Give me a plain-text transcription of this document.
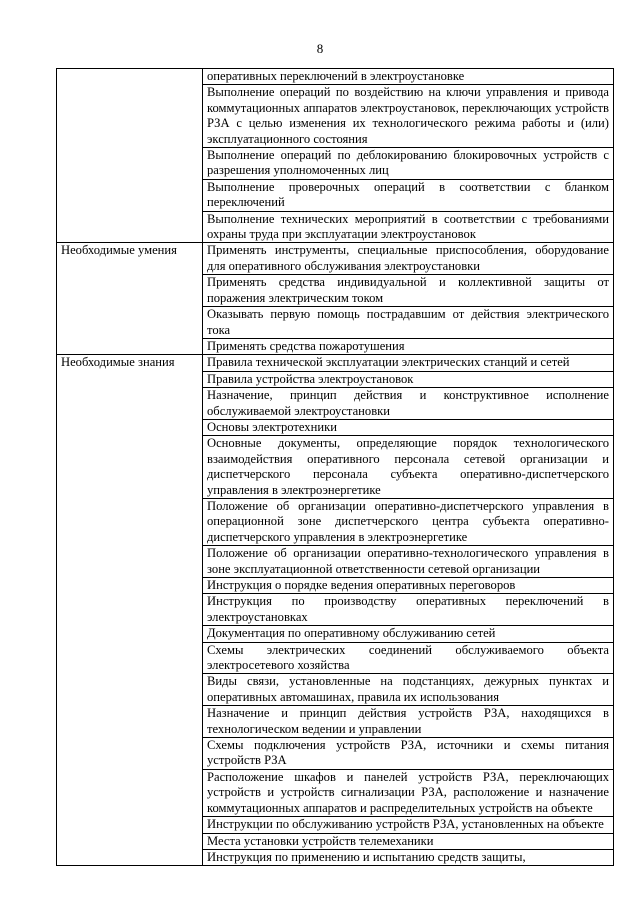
8
	оперативных переключений в электроустановке
	Выполнение операций по воздействию на ключи управления и привода коммутационных аппаратов электроустановок, переключающих устройств РЗА с целью изменения их технологического режима работы и (или) эксплуатационного состояния
	Выполнение операций по деблокированию блокировочных устройств с разрешения уполномоченных лиц
	Выполнение проверочных операций в соответствии с бланком переключений
	Выполнение технических мероприятий в соответствии с требованиями охраны труда при эксплуатации электроустановок
Необходимые умения	Применять инструменты, специальные приспособления, оборудование для оперативного обслуживания электроустановки
	Применять средства индивидуальной и коллективной защиты от поражения электрическим током
	Оказывать первую помощь пострадавшим от действия электрического тока
	Применять средства пожаротушения
Необходимые знания	Правила технической эксплуатации электрических станций и сетей
	Правила устройства электроустановок
	Назначение, принцип действия и конструктивное исполнение обслуживаемой электроустановки
	Основы электротехники
	Основные документы, определяющие порядок технологического взаимодействия оперативного персонала сетевой организации и диспетчерского персонала субъекта оперативно-диспетчерского управления в электроэнергетике
	Положение об организации оперативно-диспетчерского управления в операционной зоне диспетчерского центра субъекта оперативно-диспетчерского управления в электроэнергетике
	Положение об организации оперативно-технологического управления в зоне эксплуатационной ответственности сетевой организации
	Инструкция о порядке ведения оперативных переговоров
	Инструкция по производству оперативных переключений в электроустановках
	Документация по оперативному обслуживанию сетей
	Схемы электрических соединений обслуживаемого объекта электросетевого хозяйства
	Виды связи, установленные на подстанциях, дежурных пунктах и оперативных автомашинах, правила их использования
	Назначение и принцип действия устройств РЗА, находящихся в технологическом ведении и управлении
	Схемы подключения устройств РЗА, источники и схемы питания устройств РЗА
	Расположение шкафов и панелей устройств РЗА, переключающих устройств и устройств сигнализации РЗА, расположение и назначение коммутационных аппаратов и распределительных устройств на объекте
	Инструкции по обслуживанию устройств РЗА, установленных на объекте
	Места установки устройств телемеханики
	Инструкция по применению и испытанию средств защиты,
